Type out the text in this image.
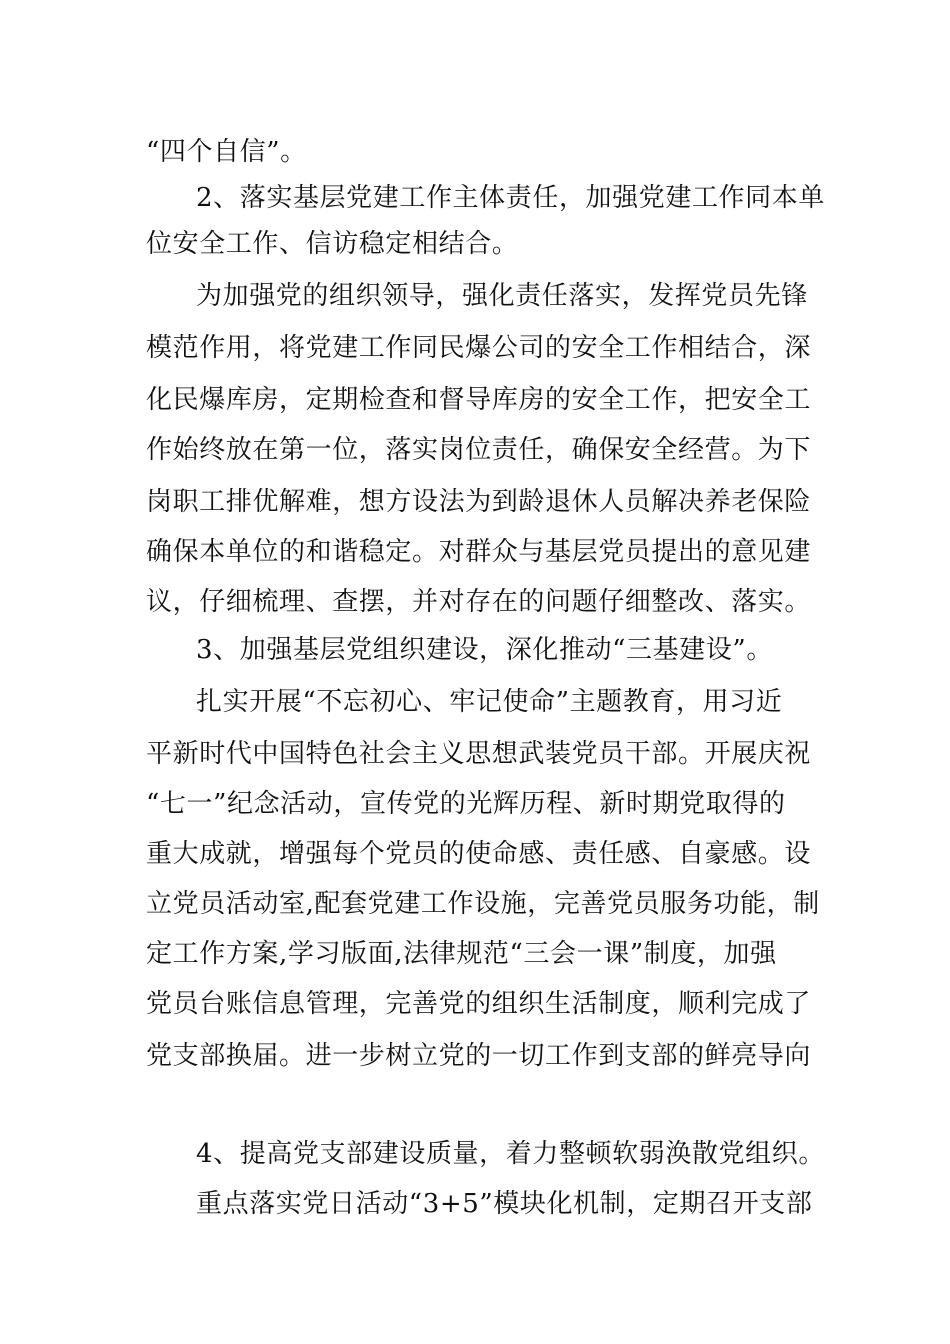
“四个自信”。
2、落实基层党建工作主体责任，加强党建工作同本单
位安全工作、信访稳定相结合。
为加强党的组织领导，强化责任落实，发挥党员先锋
模范作用，将党建工作同民爆公司的安全工作相结合，深
化民爆库房，定期检查和督导库房的安全工作，把安全工
作始终放在第一位，落实岗位责任，确保安全经营。为下
岗职工排优解难，想方设法为到龄退休人员解决养老保险
确保本单位的和谐稳定。对群众与基层党员提出的意见建
议，仔细梳理、查摆，并对存在的问题仔细整改、落实。
3、加强基层党组织建设，深化推动“三基建设”。
扎实开展“不忘初心、牢记使命”主题教育，用习近
平新时代中国特色社会主义思想武装党员干部。开展庆祝
“七一”纪念活动，宣传党的光辉历程、新时期党取得的
重大成就，增强每个党员的使命感、责任感、自豪感。设
立党员活动室,配套党建工作设施，完善党员服务功能，制
定工作方案,学习版面,法律规范“三会一课”制度，加强
党员台账信息管理，完善党的组织生活制度，顺利完成了
党支部换届。进一步树立党的一切工作到支部的鲜亮导向
4、提高党支部建设质量，着力整顿软弱涣散党组织。
重点落实党日活动“3+5”模块化机制，定期召开支部
